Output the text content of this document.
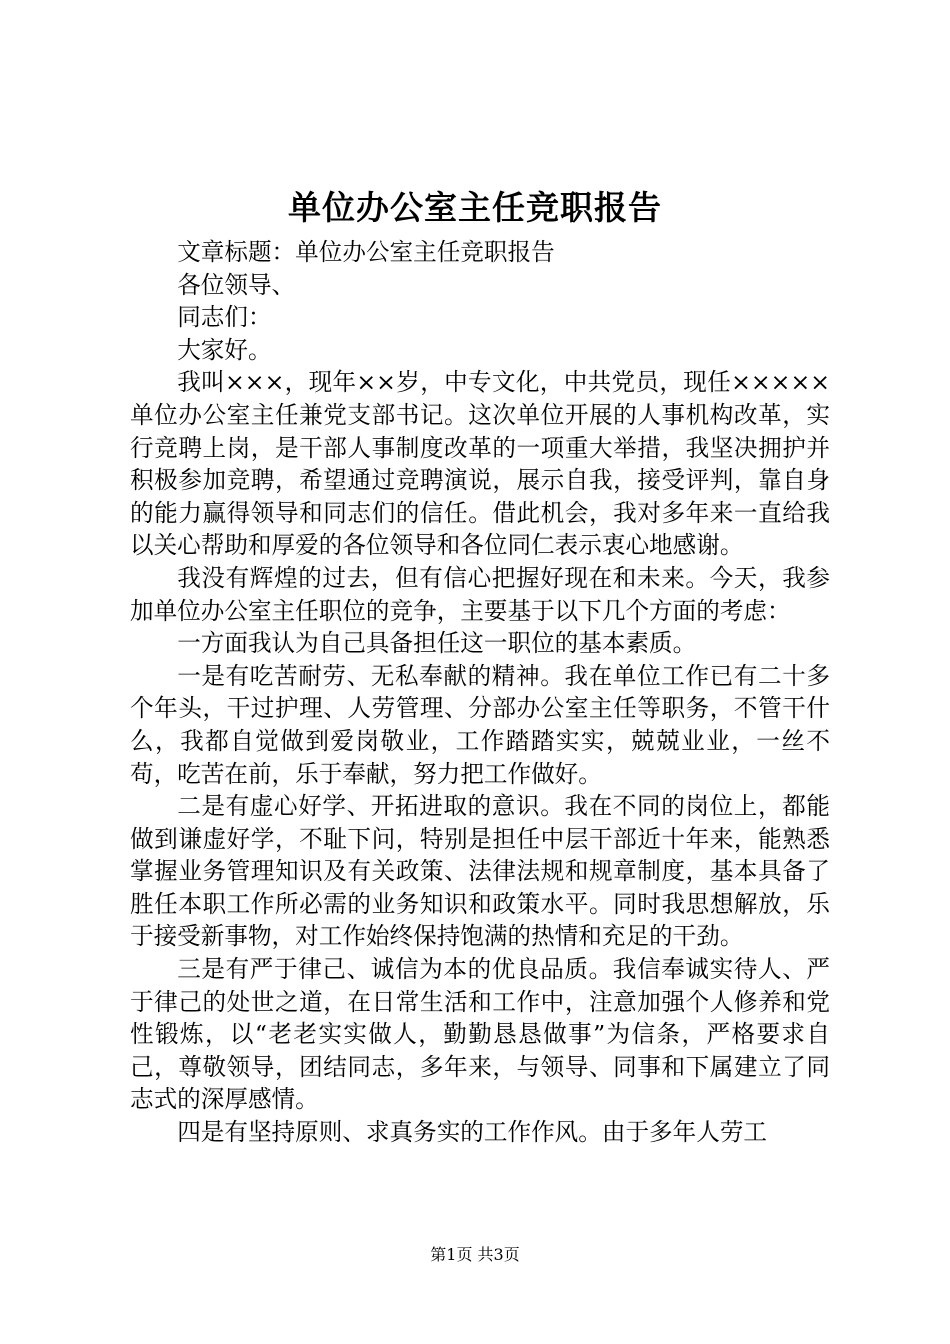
单位办公室主任竞职报告

文章标题：单位办公室主任竞职报告

各位领导、

同志们：

大家好。

我叫×××，现年××岁，中专文化，中共党员，现任×××××单位办公室主任兼党支部书记。这次单位开展的人事机构改革，实行竞聘上岗，是干部人事制度改革的一项重大举措，我坚决拥护并积极参加竞聘，希望通过竞聘演说，展示自我，接受评判，靠自身的能力赢得领导和同志们的信任。借此机会，我对多年来一直给我以关心帮助和厚爱的各位领导和各位同仁表示衷心地感谢。

我没有辉煌的过去，但有信心把握好现在和未来。今天，我参加单位办公室主任职位的竞争，主要基于以下几个方面的考虑：

一方面我认为自己具备担任这一职位的基本素质。

一是有吃苦耐劳、无私奉献的精神。我在单位工作已有二十多个年头，干过护理、人劳管理、分部办公室主任等职务，不管干什么，我都自觉做到爱岗敬业，工作踏踏实实，兢兢业业，一丝不苟，吃苦在前，乐于奉献，努力把工作做好。

二是有虚心好学、开拓进取的意识。我在不同的岗位上，都能做到谦虚好学，不耻下问，特别是担任中层干部近十年来，能熟悉掌握业务管理知识及有关政策、法律法规和规章制度，基本具备了胜任本职工作所必需的业务知识和政策水平。同时我思想解放，乐于接受新事物，对工作始终保持饱满的热情和充足的干劲。

三是有严于律己、诚信为本的优良品质。我信奉诚实待人、严于律己的处世之道，在日常生活和工作中，注意加强个人修养和党性锻炼，以“老老实实做人，勤勤恳恳做事”为信条，严格要求自己，尊敬领导，团结同志，多年来，与领导、同事和下属建立了同志式的深厚感情。

四是有坚持原则、求真务实的工作作风。由于多年人劳工

第1页 共3页
